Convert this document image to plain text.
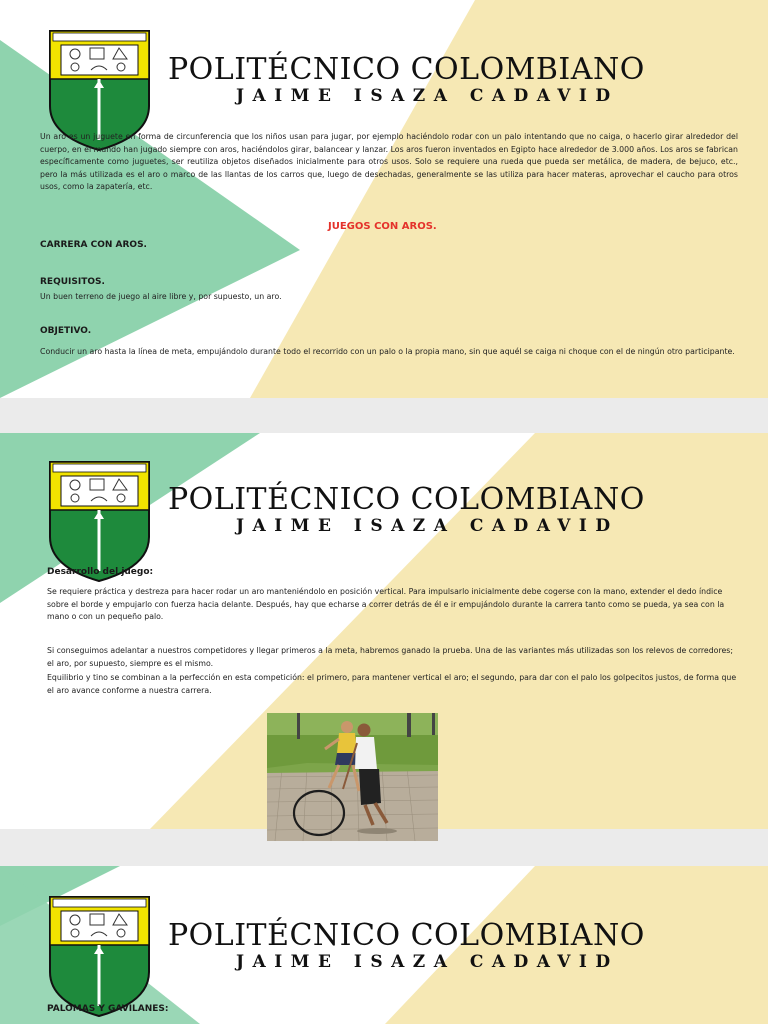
POLITÉCNICO COLOMBIANO
JAIME ISAZA CADAVID
Un aro es un juguete en forma de circunferencia que los niños usan para jugar, por ejemplo haciéndolo rodar con un palo intentando que no caiga, o hacerlo girar alrededor del cuerpo, en el mundo han jugado siempre con aros, haciéndolos girar, balancear y lanzar. Los aros fueron inventados en Egipto hace alrededor de 3.000 años. Los aros se fabrican específicamente como juguetes, ser reutiliza objetos diseñados inicialmente para otros usos. Solo se requiere una rueda que pueda ser metálica, de madera, de bejuco, etc., pero la más utilizada es el aro o marco de las llantas de los carros que, luego de desechadas, generalmente se las utiliza para hacer materas, aprovechar el caucho para otros usos, como la zapatería, etc.
JUEGOS CON AROS.
CARRERA CON AROS.
REQUISITOS.
Un buen terreno de juego al aire libre y, por supuesto, un aro.
OBJETIVO.
Conducir un aro hasta la línea de meta, empujándolo durante todo el recorrido con un palo o la propia mano, sin que aquél se caiga ni choque con el de ningún otro participante.
POLITÉCNICO COLOMBIANO
JAIME ISAZA CADAVID
Desarrollo del juego:
Se requiere práctica y destreza para hacer rodar un aro manteniéndolo en posición vertical. Para impulsarlo inicialmente debe cogerse con la mano, extender el dedo índice sobre el borde y empujarlo con fuerza hacia delante. Después, hay que echarse a correr detrás de él e ir empujándolo durante la carrera tanto como se pueda, ya sea con la mano o con un pequeño palo.
Si conseguimos adelantar a nuestros competidores y llegar primeros a la meta, habremos ganado la prueba. Una de las variantes más utilizadas son los relevos de corredores; el aro, por supuesto, siempre es el mismo.
Equilibrio y tino se combinan a la perfección en esta competición: el primero, para mantener vertical el aro; el segundo, para dar con el palo los golpecitos justos, de forma que el aro avance conforme a nuestra carrera.
POLITÉCNICO COLOMBIANO
JAIME ISAZA CADAVID
PALOMAS Y GAVILANES:
